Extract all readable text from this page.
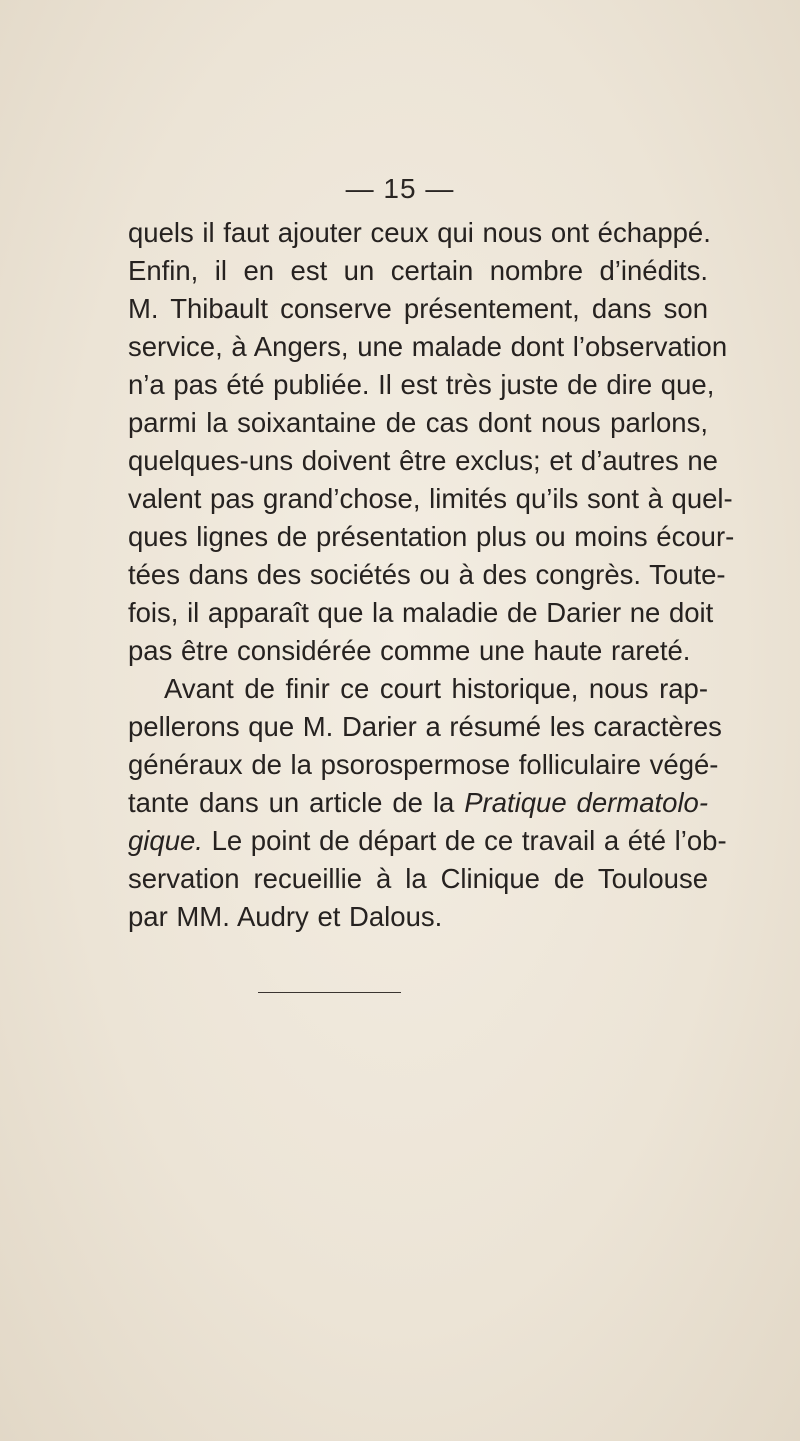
— 15 —
quels il faut ajouter ceux qui nous ont échappé.
Enfin, il en est un certain nombre d’inédits.
M. Thibault conserve présentement, dans son
service, à Angers, une malade dont l’observation
n’a pas été publiée. Il est très juste de dire que,
parmi la soixantaine de cas dont nous parlons,
quelques-uns doivent être exclus; et d’autres ne
valent pas grand’chose, limités qu’ils sont à quel-
ques lignes de présentation plus ou moins écour-
tées dans des sociétés ou à des congrès. Toute-
fois, il apparaît que la maladie de Darier ne doit
pas être considérée comme une haute rareté.
Avant de finir ce court historique, nous rap-
pellerons que M. Darier a résumé les caractères
généraux de la psorospermose folliculaire végé-
tante dans un article de la Pratique dermatolo-
gique. Le point de départ de ce travail a été l’ob-
servation recueillie à la Clinique de Toulouse
par MM. Audry et Dalous.
